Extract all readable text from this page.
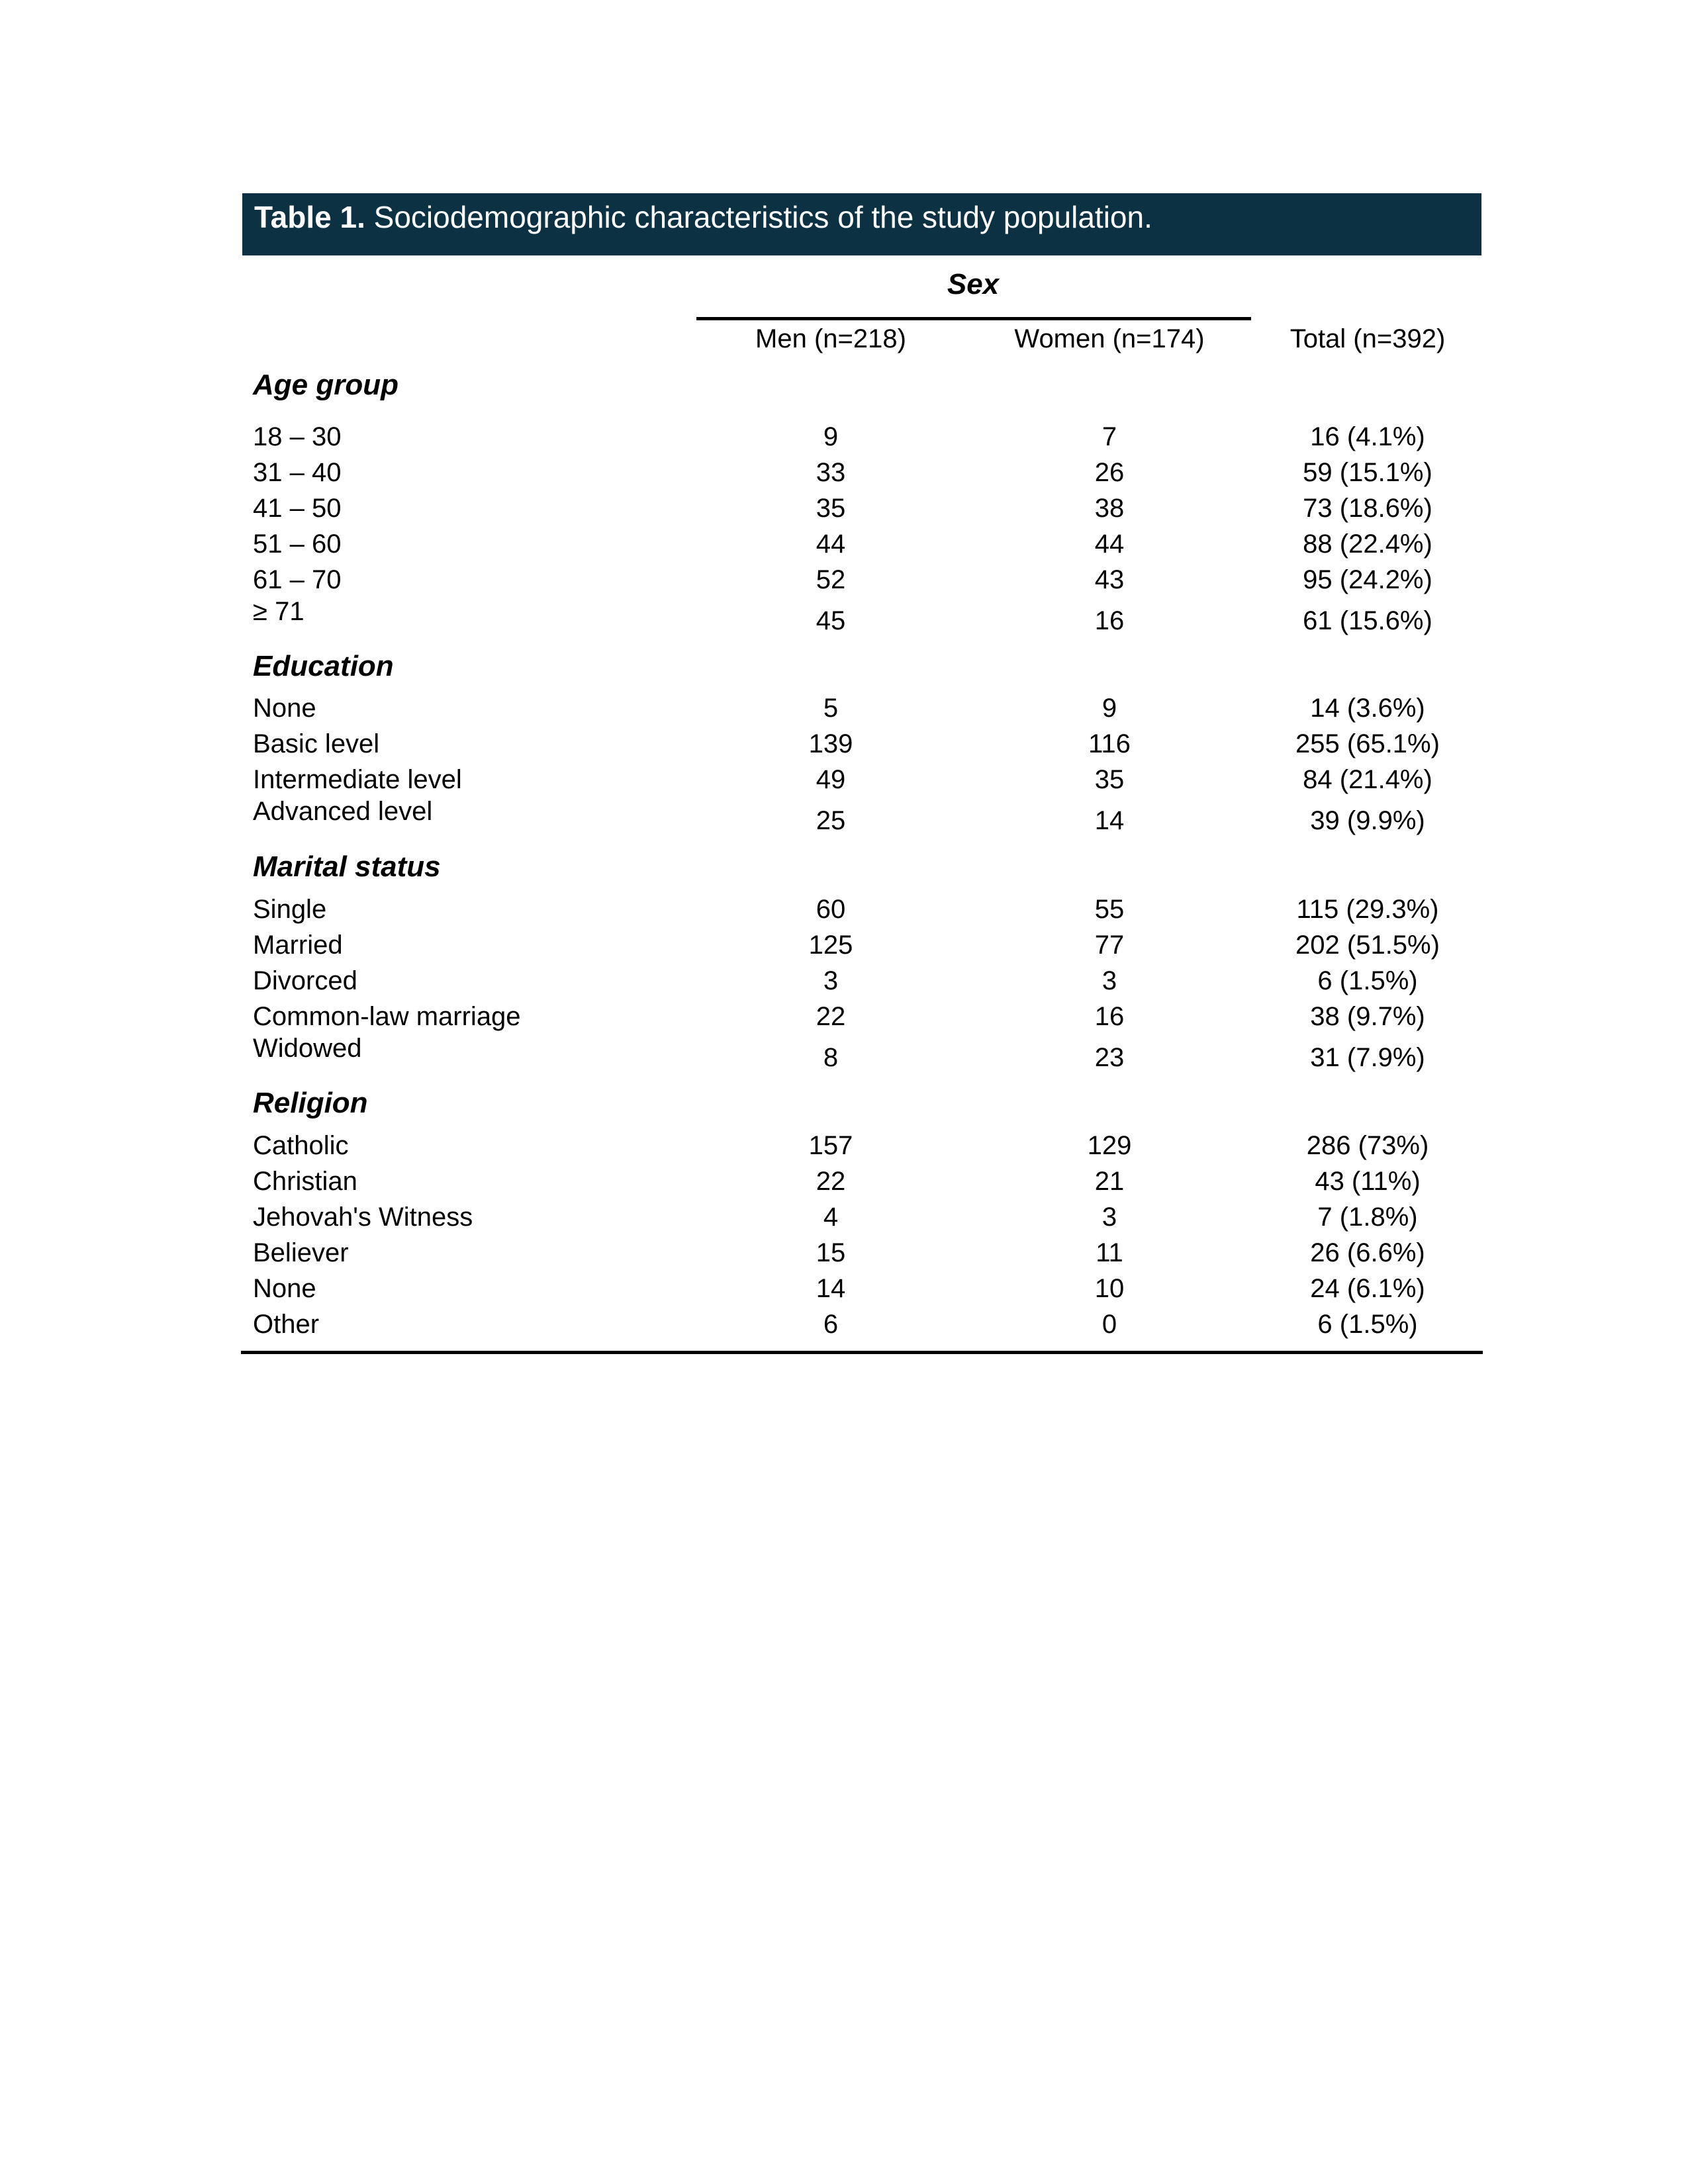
Table 1. Sociodemographic characteristics of the study population.
Sex
Men (n=218)	Women (n=174)	Total (n=392)
Age group
18 – 30	9	7	16 (4.1%)
31 – 40	33	26	59 (15.1%)
41 – 50	35	38	73 (18.6%)
51 – 60	44	44	88 (22.4%)
61 – 70	52	43	95 (24.2%)
≥ 71	45	16	61 (15.6%)
Education
None	5	9	14 (3.6%)
Basic level	139	116	255 (65.1%)
Intermediate level	49	35	84 (21.4%)
Advanced level	25	14	39 (9.9%)
Marital status
Single	60	55	115 (29.3%)
Married	125	77	202 (51.5%)
Divorced	3	3	6 (1.5%)
Common-law marriage	22	16	38 (9.7%)
Widowed	8	23	31 (7.9%)
Religion
Catholic	157	129	286 (73%)
Christian	22	21	43 (11%)
Jehovah's Witness	4	3	7 (1.8%)
Believer	15	11	26 (6.6%)
None	14	10	24 (6.1%)
Other	6	0	6 (1.5%)
